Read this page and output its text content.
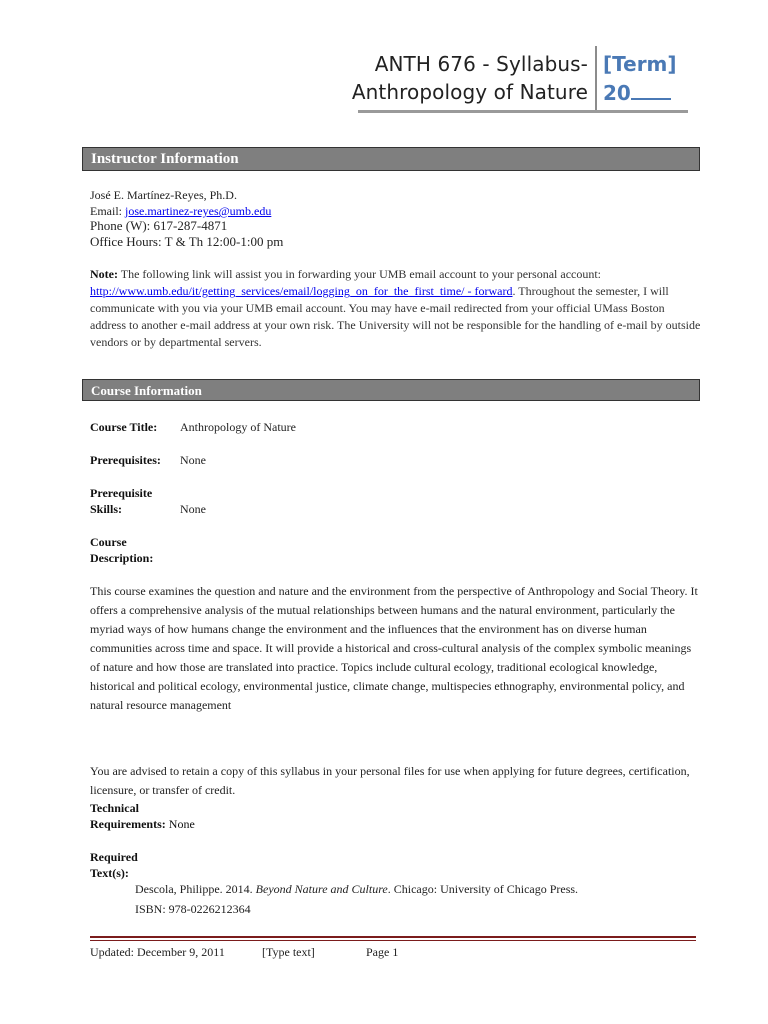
ANTH 676 - Syllabus-
Anthropology of Nature
[Term]
20
Instructor Information
José E. Martínez-Reyes, Ph.D.
Email: jose.martinez-reyes@umb.edu
Phone (W): 617-287-4871
Office Hours: T & Th 12:00-1:00 pm
Note: The following link will assist you in forwarding your UMB email account to your personal account: http://www.umb.edu/it/getting_services/email/logging_on_for_the_first_time/ - forward. Throughout the semester, I will communicate with you via your UMB email account. You may have e-mail redirected from your official UMass Boston address to another e-mail address at your own risk. The University will not be responsible for the handling of e-mail by outside vendors or by departmental servers.
Course Information
Course Title: Anthropology of Nature
Prerequisites: None
Prerequisite
Skills:	None
Course
Description:
This course examines the question and nature and the environment from the perspective of Anthropology and Social Theory. It offers a comprehensive analysis of the mutual relationships between humans and the natural environment, particularly the myriad ways of how humans change the environment and the influences that the environment has on diverse human communities across time and space. It will provide a historical and cross-cultural analysis of the complex symbolic meanings of nature and how those are translated into practice. Topics include cultural ecology, traditional ecological knowledge, historical and political ecology, environmental justice, climate change, multispecies ethnography, environmental policy, and natural resource management
You are advised to retain a copy of this syllabus in your personal files for use when applying for future degrees, certification, licensure, or transfer of credit.
Technical
Requirements: None
Required
Text(s):
Descola, Philippe. 2014. Beyond Nature and Culture. Chicago: University of Chicago Press.
ISBN: 978-0226212364
Updated: December 9, 2011	[Type text]	Page 1
